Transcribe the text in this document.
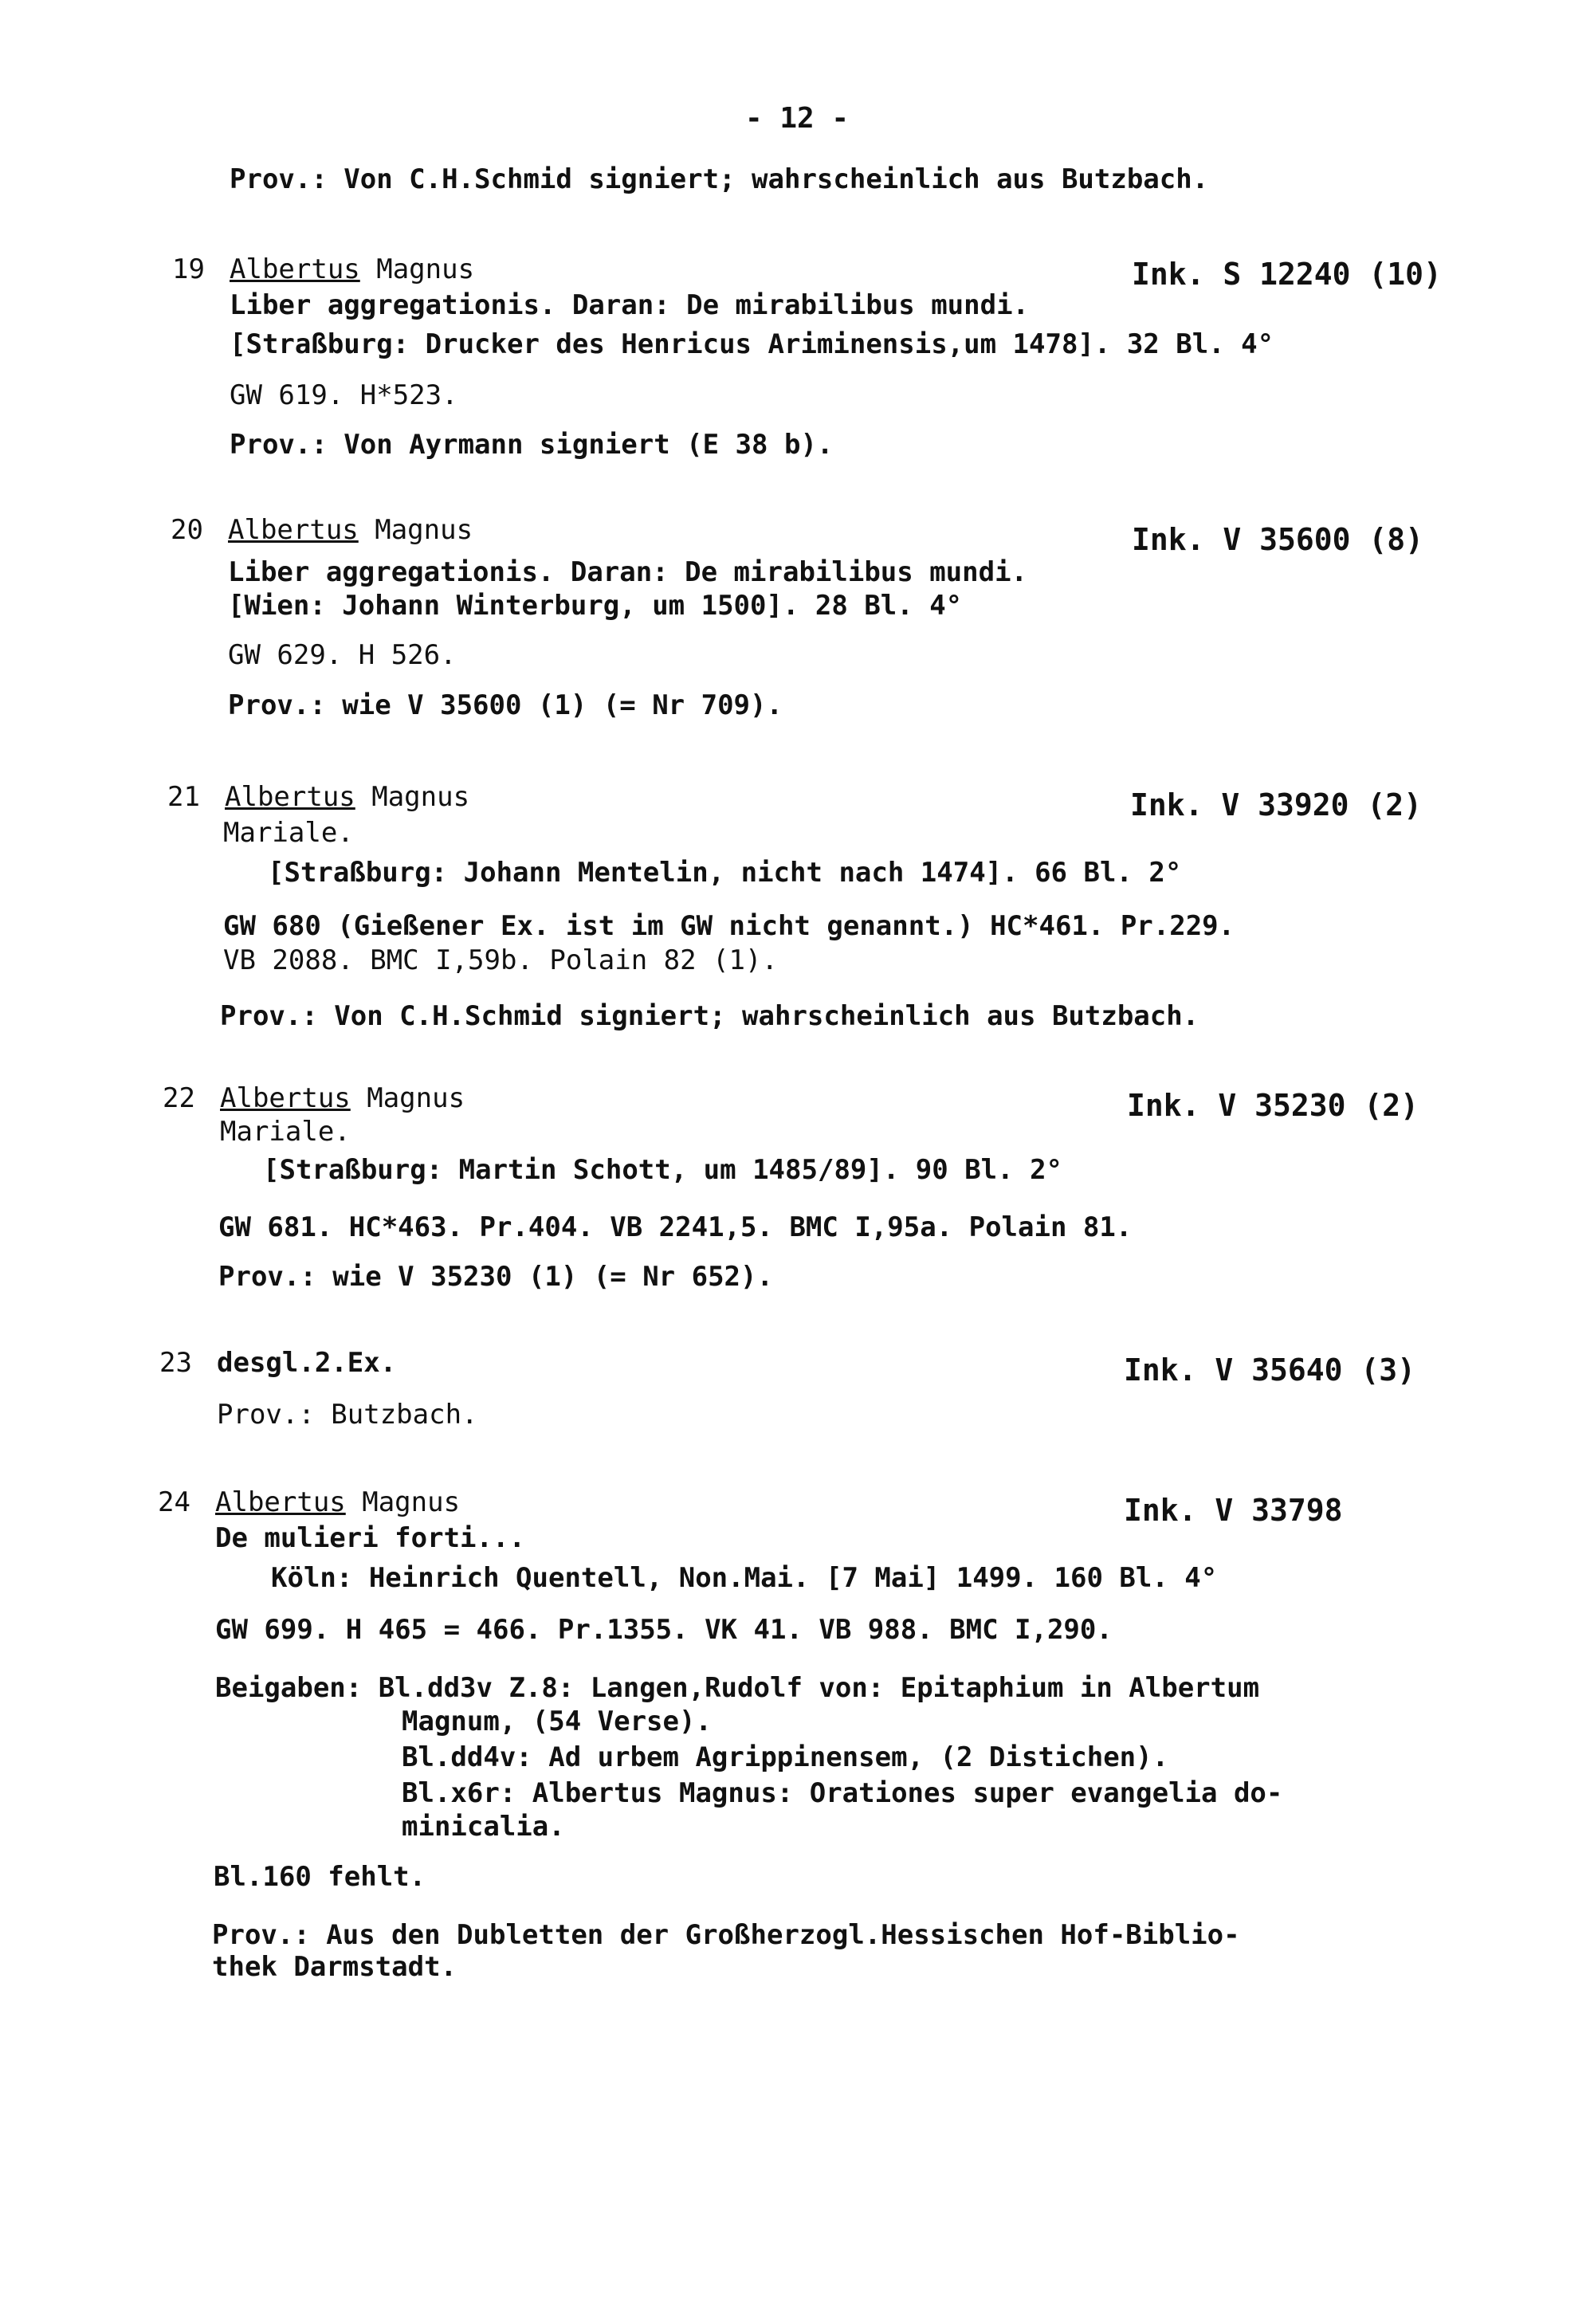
- 12 -
Prov.: Von C.H.Schmid signiert; wahrscheinlich aus Butzbach.
19 Albertus Magnus	Ink. S 12240 (10)
Liber aggregationis. Daran: De mirabilibus mundi.
[Straßburg: Drucker des Henricus Ariminensis,um 1478]. 32 Bl. 4°
GW 619. H*523.
Prov.: Von Ayrmann signiert (E 38 b).
20 Albertus Magnus	Ink. V 35600 (8)
Liber aggregationis. Daran: De mirabilibus mundi.
[Wien: Johann Winterburg, um 1500]. 28 Bl. 4°
GW 629. H 526.
Prov.: wie V 35600 (1) (= Nr 709).
21 Albertus Magnus	Ink. V 33920 (2)
Mariale.
[Straßburg: Johann Mentelin, nicht nach 1474]. 66 Bl. 2°
GW 680 (Gießener Ex. ist im GW nicht genannt.) HC*461. Pr.229.
VB 2088. BMC I,59b. Polain 82 (1).
Prov.: Von C.H.Schmid signiert; wahrscheinlich aus Butzbach.
22 Albertus Magnus	Ink. V 35230 (2)
Mariale.
[Straßburg: Martin Schott, um 1485/89]. 90 Bl. 2°
GW 681. HC*463. Pr.404. VB 2241,5. BMC I,95a. Polain 81.
Prov.: wie V 35230 (1) (= Nr 652).
23 desgl.2.Ex.	Ink. V 35640 (3)
Prov.: Butzbach.
24 Albertus Magnus	Ink. V 33798
De mulieri forti...
Köln: Heinrich Quentell, Non.Mai. [7 Mai] 1499. 160 Bl. 4°
GW 699. H 465 = 466. Pr.1355. VK 41. VB 988. BMC I,290.
Beigaben: Bl.dd3v Z.8: Langen,Rudolf von: Epitaphium in Albertum
Magnum, (54 Verse).
Bl.dd4v: Ad urbem Agrippinensem, (2 Distichen).
Bl.x6r: Albertus Magnus: Orationes super evangelia do-
minicalia.
Bl.160 fehlt.
Prov.: Aus den Dubletten der Großherzogl.Hessischen Hof-Biblio-
thek Darmstadt.
